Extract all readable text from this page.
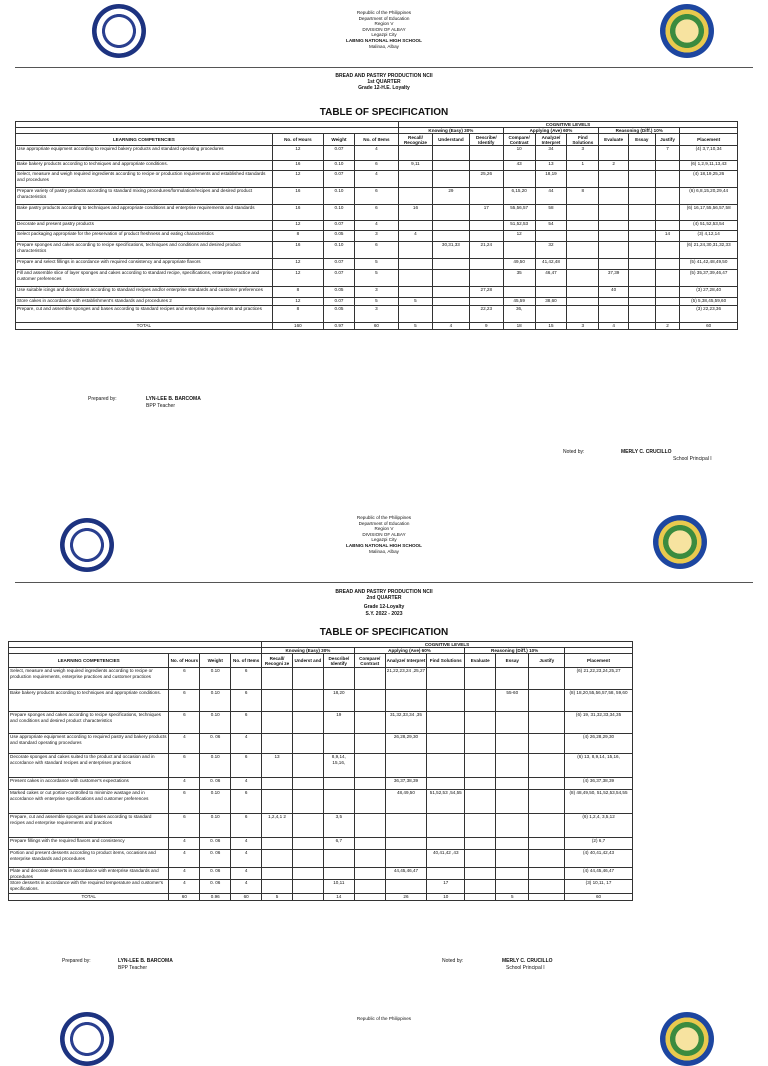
Republic of the Philippines
Department of Education
Region V
DIVISION OF ALBAY
Legazpi City
LABNIG NATIONAL HIGH SCHOOL
Malinao, Albay
BREAD AND PASTRY PRODUCTION NCII
1st QUARTER
Grade 12-H.E. Loyalty
TABLE OF SPECIFICATION
				COGNITIVE LEVELS									
				Knowing (Easy) 30%			Applying (Ave) 60%			Reasoning (Diff.) 10%			
LEARNING COMPETENCIES	No. of Hours	Weight	No. of Items	Recall/ Recognize	Understand	Describe/ Identify	Compare/ Contrast	Analyze/ Interpret	Find Solutions	Evaluate	Essay	Justify	Placement
Use appropriate equipment according to required bakery products and standard operating procedures	12	0.07	4				10	34	3			7	(4) 3,7,10,34
Bake bakery products according to techniques and appropriate conditions.	16	0.10	6	9,11			43	13	1	2			(6) 1,2,9,11,13,43
Select, measure and weigh required ingredients according to recipe or production requirements and established standards and procedures	12	0.07	4			25,26		18,19					(4) 18,19,25,26
Prepare variety of pastry products according to standard mixing procedures/formulation/recipes and desired product characteristics	16	0.10	6		29		6,15,20	44	8				(6) 6,8,15,20,29,44
Bake pastry products according to techniques and appropriate conditions and enterprise requirements and standards	16	0.10	6	16		17	55,56,57	58					(6) 16,17,55,56,57,58
Decorate and present pastry products	12	0.07	4				51,52,53	54					(4) 51,52,53,54
Select packaging appropriate for the preservation of product freshness and eating characteristics	8	0.05	3	4			12					14	(3) 4,12,14
Prepare sponges and cakes according to recipe specifications, techniques and conditions and desired product characteristics	16	0.10	6		30,31,33	21,24		32					(6) 21,24,30,31,32,33
Prepare and select fillings in accordance with required consistency and appropriate flavors	12	0.07	5				49,50	41,42,48					(5) 41,42,48,49,50
Fill and assemble slice of layer sponges and cakes according to standard recipe, specifications, enterprise practice and customer preferences	12	0.07	5				35	46,47		37,39			(5) 35,37,39,46,47
Use suitable icings and decorations according to standard recipes and/or enterprise standards and customer preferences	8	0.05	3			27,28				40			(3) 27,28,40
Store cakes in accordance with establishment's standards and procedures 2	12	0.07	5	5			45,59	38,60					(5) 5,38,45,59,60
Prepare, cut and assemble sponges and bases according to standard recipes and enterprise requirements and practices	8	0.05	3			22,23	36,						(3) 22,23,36
TOTAL	160	0.97	60	5	4	9	18	15	3	4		2	60
Prepared by:	LYN-LEE B. BARCOMA
BPP Teacher
Noted by:	MERLY C. CRUCILLO
School Principal I
Republic of the Philippines
Department of Education
Region V
DIVISION OF ALBAY
Legazpi City
LABNIG NATIONAL HIGH SCHOOL
Malinao, Albay
BREAD AND PASTRY PRODUCTION NCII
2nd QUARTER
Grade 12-Loyalty
S.Y. 2022 - 2023
TABLE OF SPECIFICATION
				COGNITIVE LEVELS									
				Knowing (Easy) 30%			Applying (Ave) 60%			Reasoning (Diff.) 10%			
LEARNING COMPETENCIES	No. of Hours	Weight	No. of Items	Recall/ Recogni ze	Underst and	Describe/ Identify	Compare/ Contrast	Analyze/ Interpret	Find Solutions	Evaluate	Essay	Justify	Placement
Select, measure and weigh required ingredients according to recipe or production requirements, enterprise practices and customer practices	6	0.10	6					21,22,23,24 ,25,27					(6) 21,22,23,24,25,27
Bake bakery products according to techniques and appropriate conditions.	6	0.10	6			18,20					55-60		(8) 18,20,55,56,57,58, 59,60
Prepare sponges and cakes according to recipe specifications, techniques and conditions and desired product characteristics	6	0.10	6			19		31,32,33,34 ,35					(6) 19, 31,32,33,34,35
Use appropriate equipment according to required pastry and bakery products and standard operating procedures	4	0. 06	4					26,28,29,30					(4) 26,28,29,30
Decorate sponges and cakes suited to the product and occasion and in accordance with standard recipes and enterprises practices	6	0.10	6	13		8,9,14, 15,16,							(6) 13, 8,9,14, 15,16,
Present cakes in accordance with customer's expectations	4	0. 06	4					36,37,38,39					(4) 36,37,38,39
Marked cakes or cut portion-controlled to minimize wastage and in accordance with enterprise specifications and customer preferences	6	0.10	6					48,49,50	51,52,53 ,54,55				(8) 48,49,50, 51,52,53,54,55
Prepare, cut and assemble sponges and bases according to standard recipes and enterprise requirements and practices	6	0.10	6	1,2,4,1 2		3,5							(6) 1,2,4, 3,5,12
Prepare fillings with the required flavors and consistency	4	0. 06	4			6,7							(2) 6,7
Portion and present desserts according to product items, occasions and enterprise standards and procedures	4	0. 06	4						40,41,42 ,43				(4) 40,41,42,43
Plate and decorate desserts in accordance with enterprise standards and procedures	4	0. 06	4					44,45,46,47					(4) 44,45,46,47
Store desserts in accordance with the required temperature and customer's specifications.	4	0. 06	4			10,11			17				(3) 10,11, 17
TOTAL	60	0.96	60	5		14		26	10		5		60
Prepared by:	LYN-LEE B. BARCOMA
BPP Teacher
Noted by:	MERLY C. CRUCILLO
School Principal I
Republic of the Philippines
